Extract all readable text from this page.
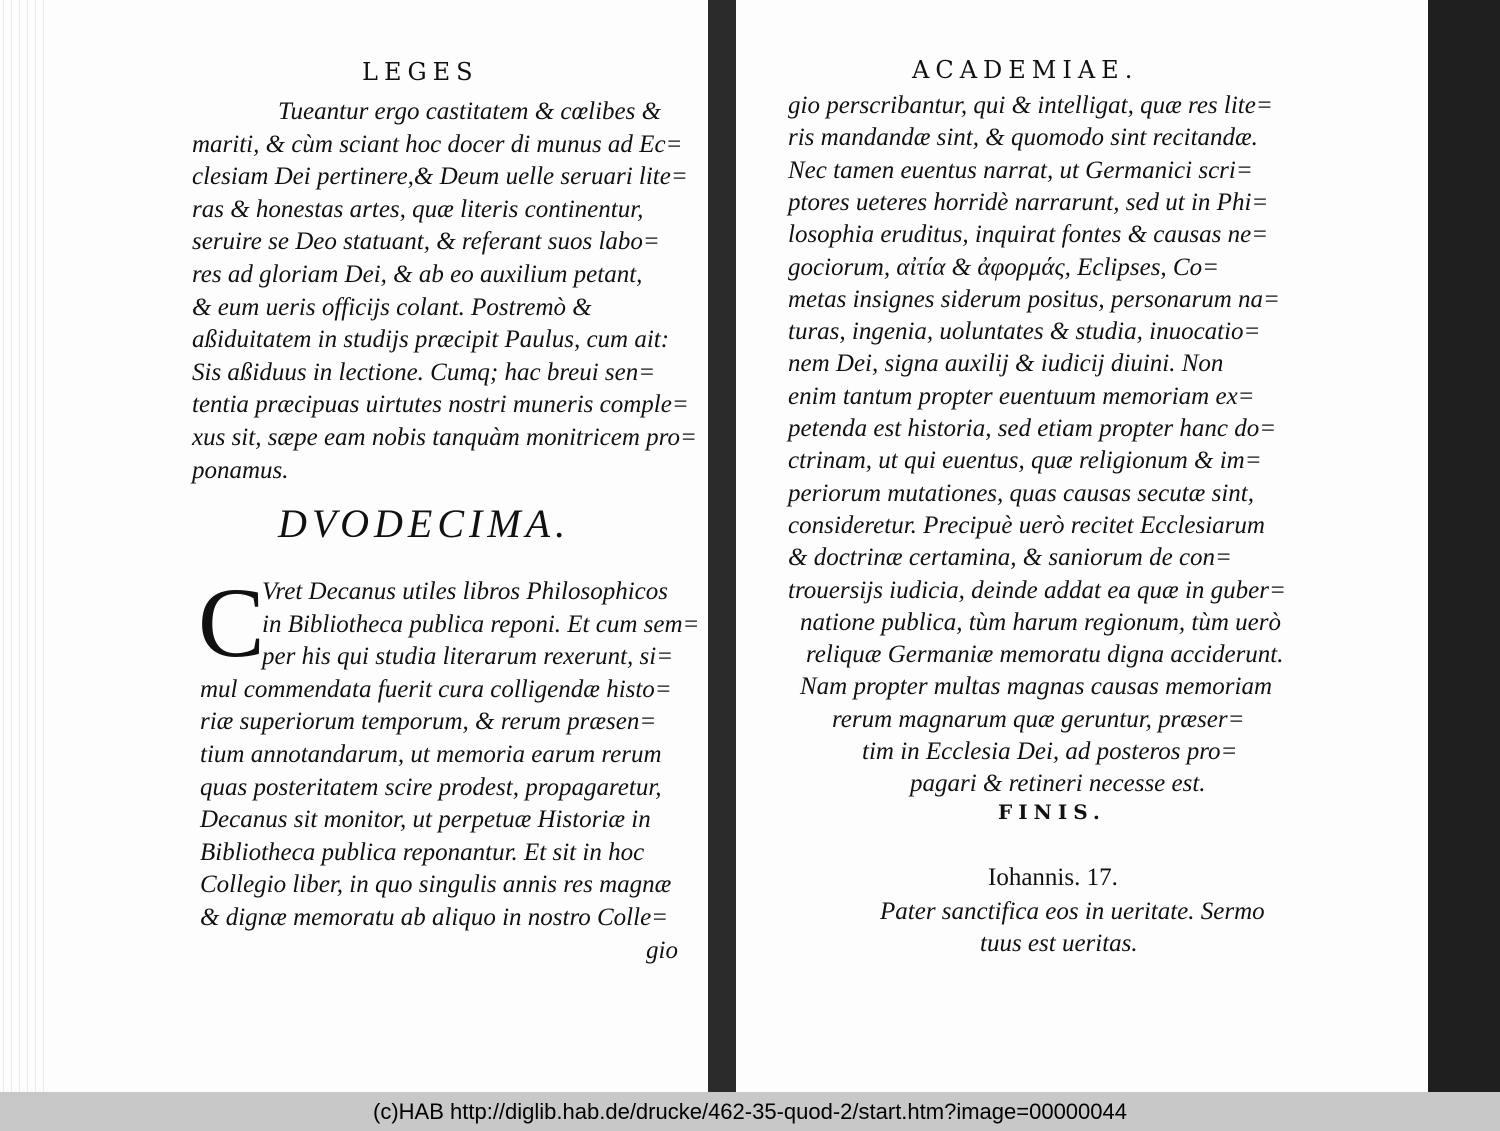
LEGES
Tueantur ergo castitatem & cœlibes &
mariti, & cùm sciant hoc docer di munus ad Ec=
clesiam Dei pertinere,& Deum uelle seruari lite=
ras & honestas artes, quæ literis continentur,
seruire se Deo statuant, & referant suos labo=
res ad gloriam Dei, & ab eo auxilium petant,
& eum ueris officijs colant. Postremò &
aßiduitatem in studijs præcipit Paulus, cum ait:
Sis aßiduus in lectione. Cumq; hac breui sen=
tentia præcipuas uirtutes nostri muneris comple=
xus sit, sæpe eam nobis tanquàm monitricem pro=
ponamus.
DVODECIMA.
C
Vret Decanus utiles libros Philosophicos
in Bibliotheca publica reponi. Et cum sem=
per his qui studia literarum rexerunt, si=
mul commendata fuerit cura colligendæ histo=
riæ superiorum temporum, & rerum præsen=
tium annotandarum, ut memoria earum rerum
quas posteritatem scire prodest, propagaretur,
Decanus sit monitor, ut perpetuæ Historiæ in
Bibliotheca publica reponantur. Et sit in hoc
Collegio liber, in quo singulis annis res magnæ
& dignæ memoratu ab aliquo in nostro Colle=
gio
ACADEMIAE.
gio perscribantur, qui & intelligat, quæ res lite=
ris mandandæ sint, & quomodo sint recitandæ.
Nec tamen euentus narrat, ut Germanici scri=
ptores ueteres horridè narrarunt, sed ut in Phi=
losophia eruditus, inquirat fontes & causas ne=
gociorum, αἰτία & ἀφορμάς, Eclipses, Co=
metas insignes siderum positus, personarum na=
turas, ingenia, uoluntates & studia, inuocatio=
nem Dei, signa auxilij & iudicij diuini. Non
enim tantum propter euentuum memoriam ex=
petenda est historia, sed etiam propter hanc do=
ctrinam, ut qui euentus, quæ religionum & im=
periorum mutationes, quas causas secutæ sint,
consideretur. Precipuè uerò recitet Ecclesiarum
& doctrinæ certamina, & saniorum de con=
trouersijs iudicia, deinde addat ea quæ in guber=
natione publica, tùm harum regionum, tùm uerò
reliquæ Germaniæ memoratu digna acciderunt.
Nam propter multas magnas causas memoriam
rerum magnarum quæ geruntur, præser=
tim in Ecclesia Dei, ad posteros pro=
pagari & retineri necesse est.
FINIS.
Iohannis. 17.
Pater sanctifica eos in ueritate. Sermo
tuus est ueritas.
(c)HAB http://diglib.hab.de/drucke/462-35-quod-2/start.htm?image=00000044
